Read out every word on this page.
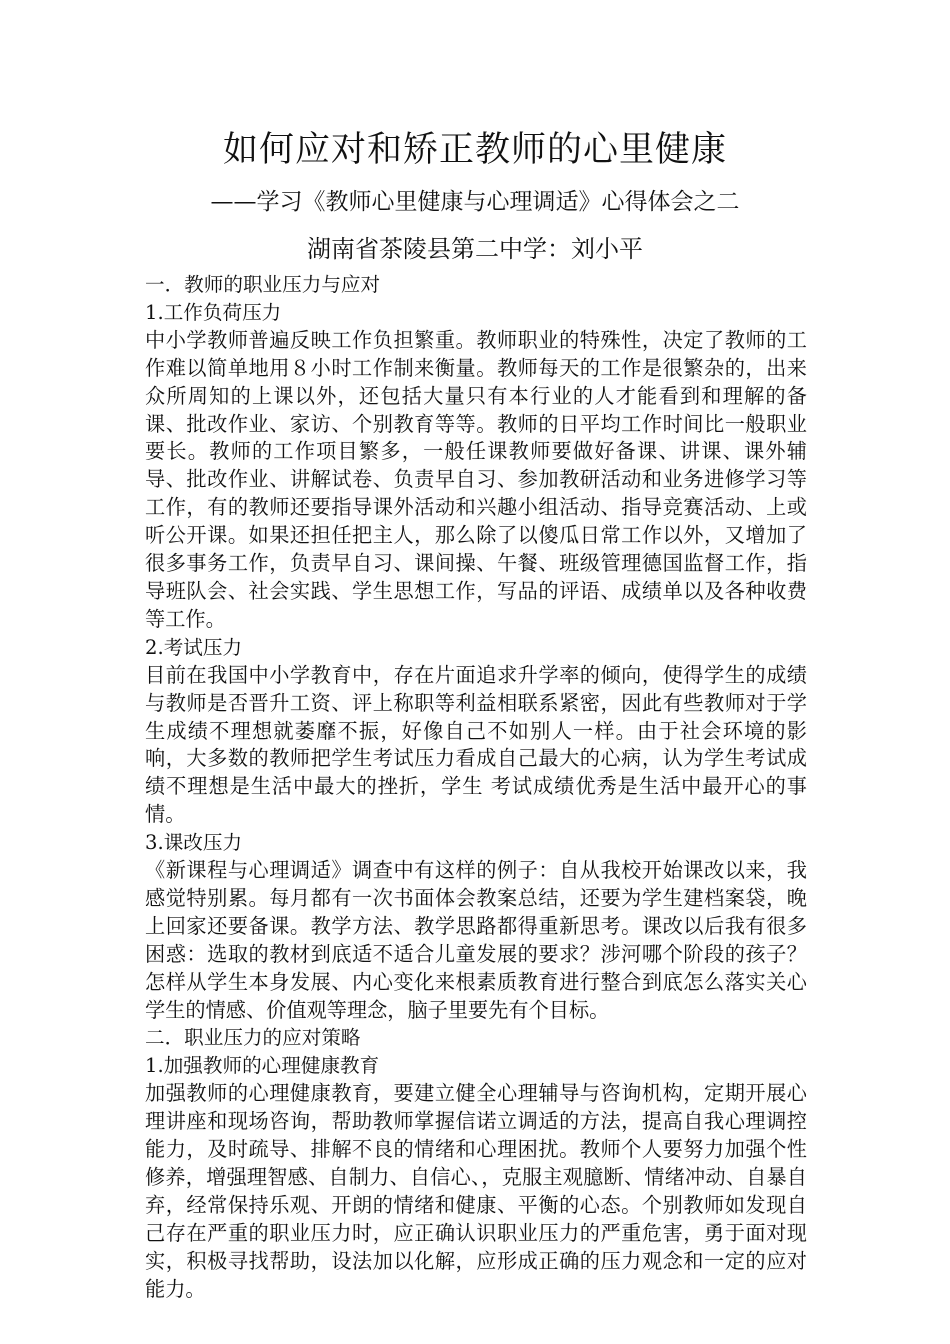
如何应对和矫正教师的心里健康

——学习《教师心里健康与心理调适》心得体会之二

湖南省茶陵县第二中学：刘小平

一．教师的职业压力与应对

1.工作负荷压力

中小学教师普遍反映工作负担繁重。教师职业的特殊性，决定了教师的工作难以简单地用８小时工作制来衡量。教师每天的工作是很繁杂的，出来众所周知的上课以外，还包括大量只有本行业的人才能看到和理解的备课、批改作业、家访、个别教育等等。教师的日平均工作时间比一般职业要长。教师的工作项目繁多，一般任课教师要做好备课、讲课、课外辅导、批改作业、讲解试卷、负责早自习、参加教研活动和业务进修学习等工作，有的教师还要指导课外活动和兴趣小组活动、指导竞赛活动、上或听公开课。如果还担任把主人，那么除了以傻瓜日常工作以外，又增加了很多事务工作，负责早自习、课间操、午餐、班级管理德国监督工作，指导班队会、社会实践、学生思想工作，写品的评语、成绩单以及各种收费等工作。

2.考试压力

目前在我国中小学教育中，存在片面追求升学率的倾向，使得学生的成绩与教师是否晋升工资、评上称职等利益相联系紧密，因此有些教师对于学生成绩不理想就萎靡不振，好像自己不如别人一样。由于社会环境的影响，大多数的教师把学生考试压力看成自己最大的心病，认为学生考试成绩不理想是生活中最大的挫折，学生 考试成绩优秀是生活中最开心的事情。

3.课改压力

《新课程与心理调适》调查中有这样的例子：自从我校开始课改以来，我感觉特别累。每月都有一次书面体会教案总结，还要为学生建档案袋，晚上回家还要备课。教学方法、教学思路都得重新思考。课改以后我有很多困惑：选取的教材到底适不适合儿童发展的要求？涉河哪个阶段的孩子？怎样从学生本身发展、内心变化来根素质教育进行整合到底怎么落实关心学生的情感、价值观等理念，脑子里要先有个目标。

二．职业压力的应对策略

1.加强教师的心理健康教育

加强教师的心理健康教育，要建立健全心理辅导与咨询机构，定期开展心理讲座和现场咨询，帮助教师掌握信诺立调适的方法，提高自我心理调控能力，及时疏导、排解不良的情绪和心理困扰。教师个人要努力加强个性修养，增强理智感、自制力、自信心、，克服主观臆断、情绪冲动、自暴自弃，经常保持乐观、开朗的情绪和健康、平衡的心态。个别教师如发现自己存在严重的职业压力时，应正确认识职业压力的严重危害，勇于面对现实，积极寻找帮助，设法加以化解，应形成正确的压力观念和一定的应对能力。
